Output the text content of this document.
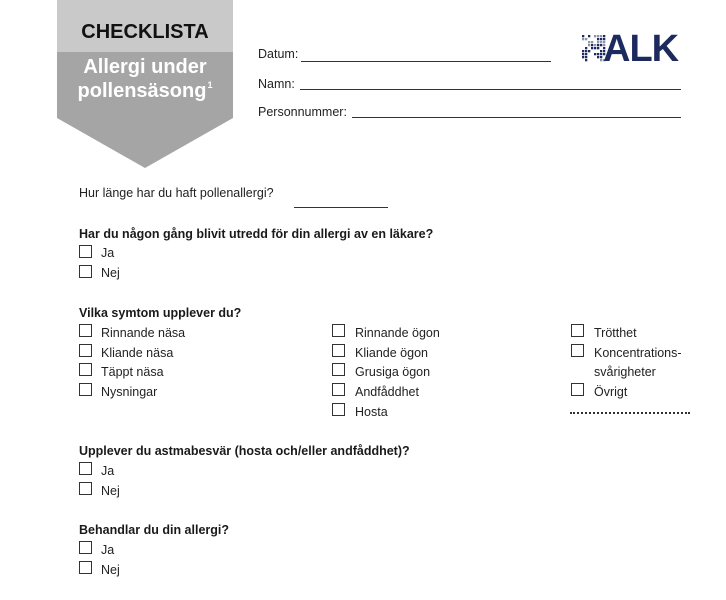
CHECKLISTA
Allergi under
pollensäsong$^1$
ALK
Datum:
Namn:
Personnummer:
Hur länge har du haft pollenallergi?
Har du någon gång blivit utredd för din allergi av en läkare?
Ja
Nej
Vilka symtom upplever du?
Rinnande näsa
Kliande näsa
Täppt näsa
Nysningar
Rinnande ögon
Kliande ögon
Grusiga ögon
Andfåddhet
Hosta
Trötthet
Koncentrations-
svårigheter
Övrigt
Upplever du astmabesvär (hosta och/eller andfåddhet)?
Ja
Nej
Behandlar du din allergi?
Ja
Nej
